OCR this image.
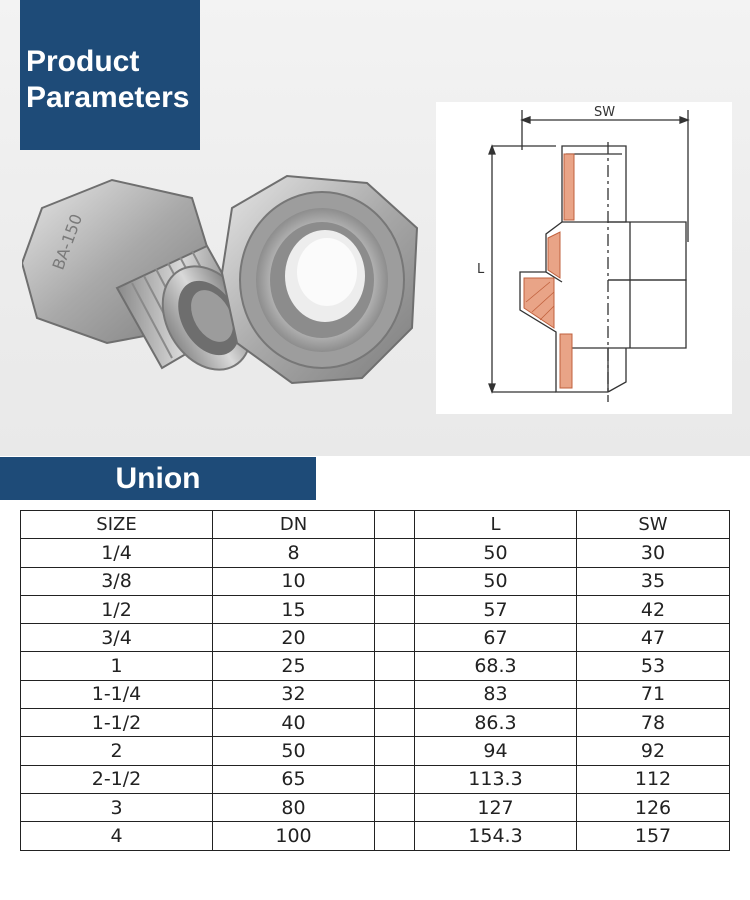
Product
Parameters
BA-150
SW
L
Union
SIZE	DN		L	SW
1/4	8		50	30
3/8	10		50	35
1/2	15		57	42
3/4	20		67	47
1	25		68.3	53
1-1/4	32		83	71
1-1/2	40		86.3	78
2	50		94	92
2-1/2	65		113.3	112
3	80		127	126
4	100		154.3	157
